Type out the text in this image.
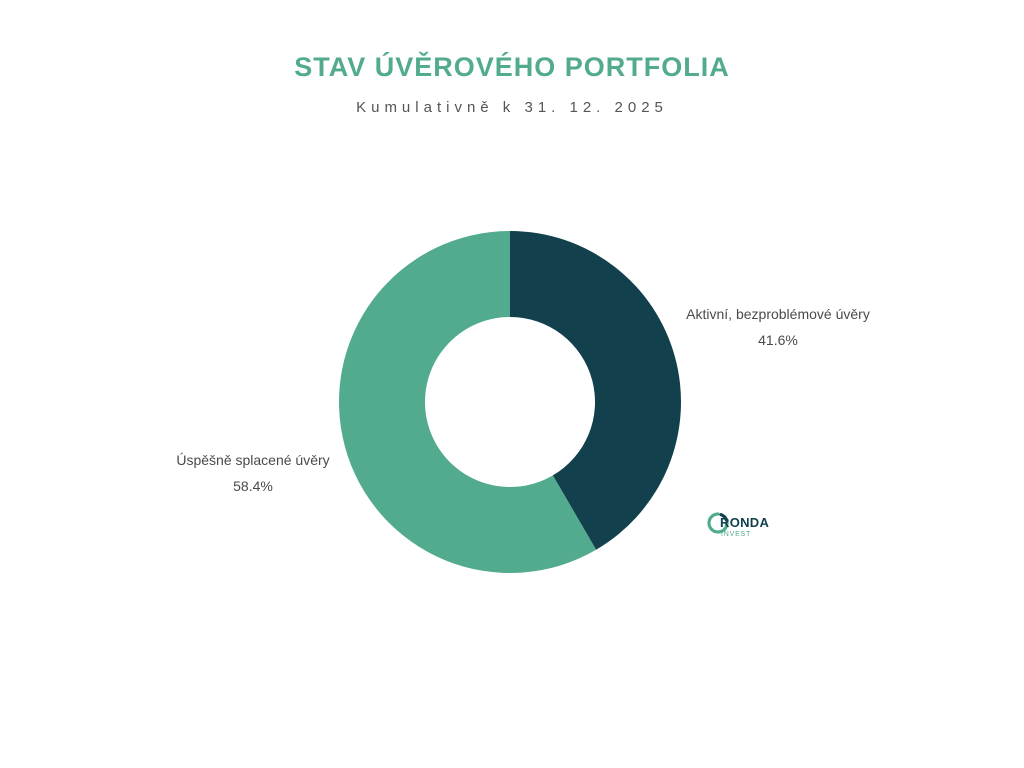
STAV ÚVĚROVÉHO PORTFOLIA

Kumulativně k 31. 12. 2025

Aktivní, bezproblémové úvěry
41.6%
Úspěšně splacené úvěry
58.4%
RONDA
INVEST
